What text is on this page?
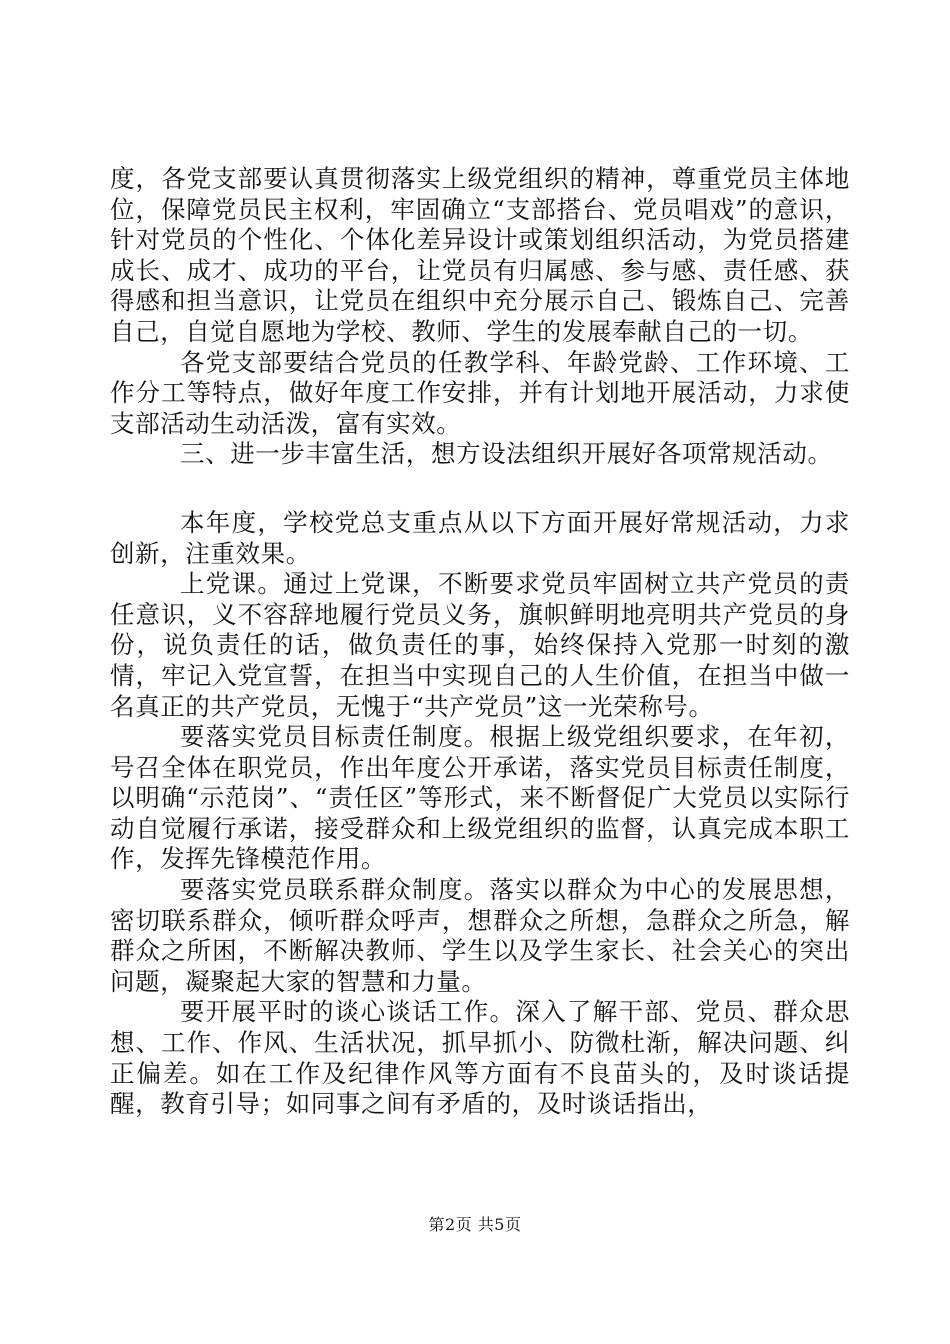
度，各党支部要认真贯彻落实上级党组织的精神，尊重党员主体地位，保障党员民主权利，牢固确立“支部搭台、党员唱戏”的意识，针对党员的个性化、个体化差异设计或策划组织活动，为党员搭建成长、成才、成功的平台，让党员有归属感、参与感、责任感、获得感和担当意识，让党员在组织中充分展示自己、锻炼自己、完善自己，自觉自愿地为学校、教师、学生的发展奉献自己的一切。

各党支部要结合党员的任教学科、年龄党龄、工作环境、工作分工等特点，做好年度工作安排，并有计划地开展活动，力求使支部活动生动活泼，富有实效。

三、进一步丰富生活，想方设法组织开展好各项常规活动。

本年度，学校党总支重点从以下方面开展好常规活动，力求创新，注重效果。

上党课。通过上党课，不断要求党员牢固树立共产党员的责任意识，义不容辞地履行党员义务，旗帜鲜明地亮明共产党员的身份，说负责任的话，做负责任的事，始终保持入党那一时刻的激情，牢记入党宣誓，在担当中实现自己的人生价值，在担当中做一名真正的共产党员，无愧于“共产党员”这一光荣称号。

要落实党员目标责任制度。根据上级党组织要求，在年初，号召全体在职党员，作出年度公开承诺，落实党员目标责任制度，以明确“示范岗”、“责任区”等形式，来不断督促广大党员以实际行动自觉履行承诺，接受群众和上级党组织的监督，认真完成本职工作，发挥先锋模范作用。

要落实党员联系群众制度。落实以群众为中心的发展思想，密切联系群众，倾听群众呼声，想群众之所想，急群众之所急，解群众之所困，不断解决教师、学生以及学生家长、社会关心的突出问题，凝聚起大家的智慧和力量。

要开展平时的谈心谈话工作。深入了解干部、党员、群众思想、工作、作风、生活状况，抓早抓小、防微杜渐，解决问题、纠正偏差。如在工作及纪律作风等方面有不良苗头的，及时谈话提醒，教育引导；如同事之间有矛盾的，及时谈话指出，

第2页 共5页
